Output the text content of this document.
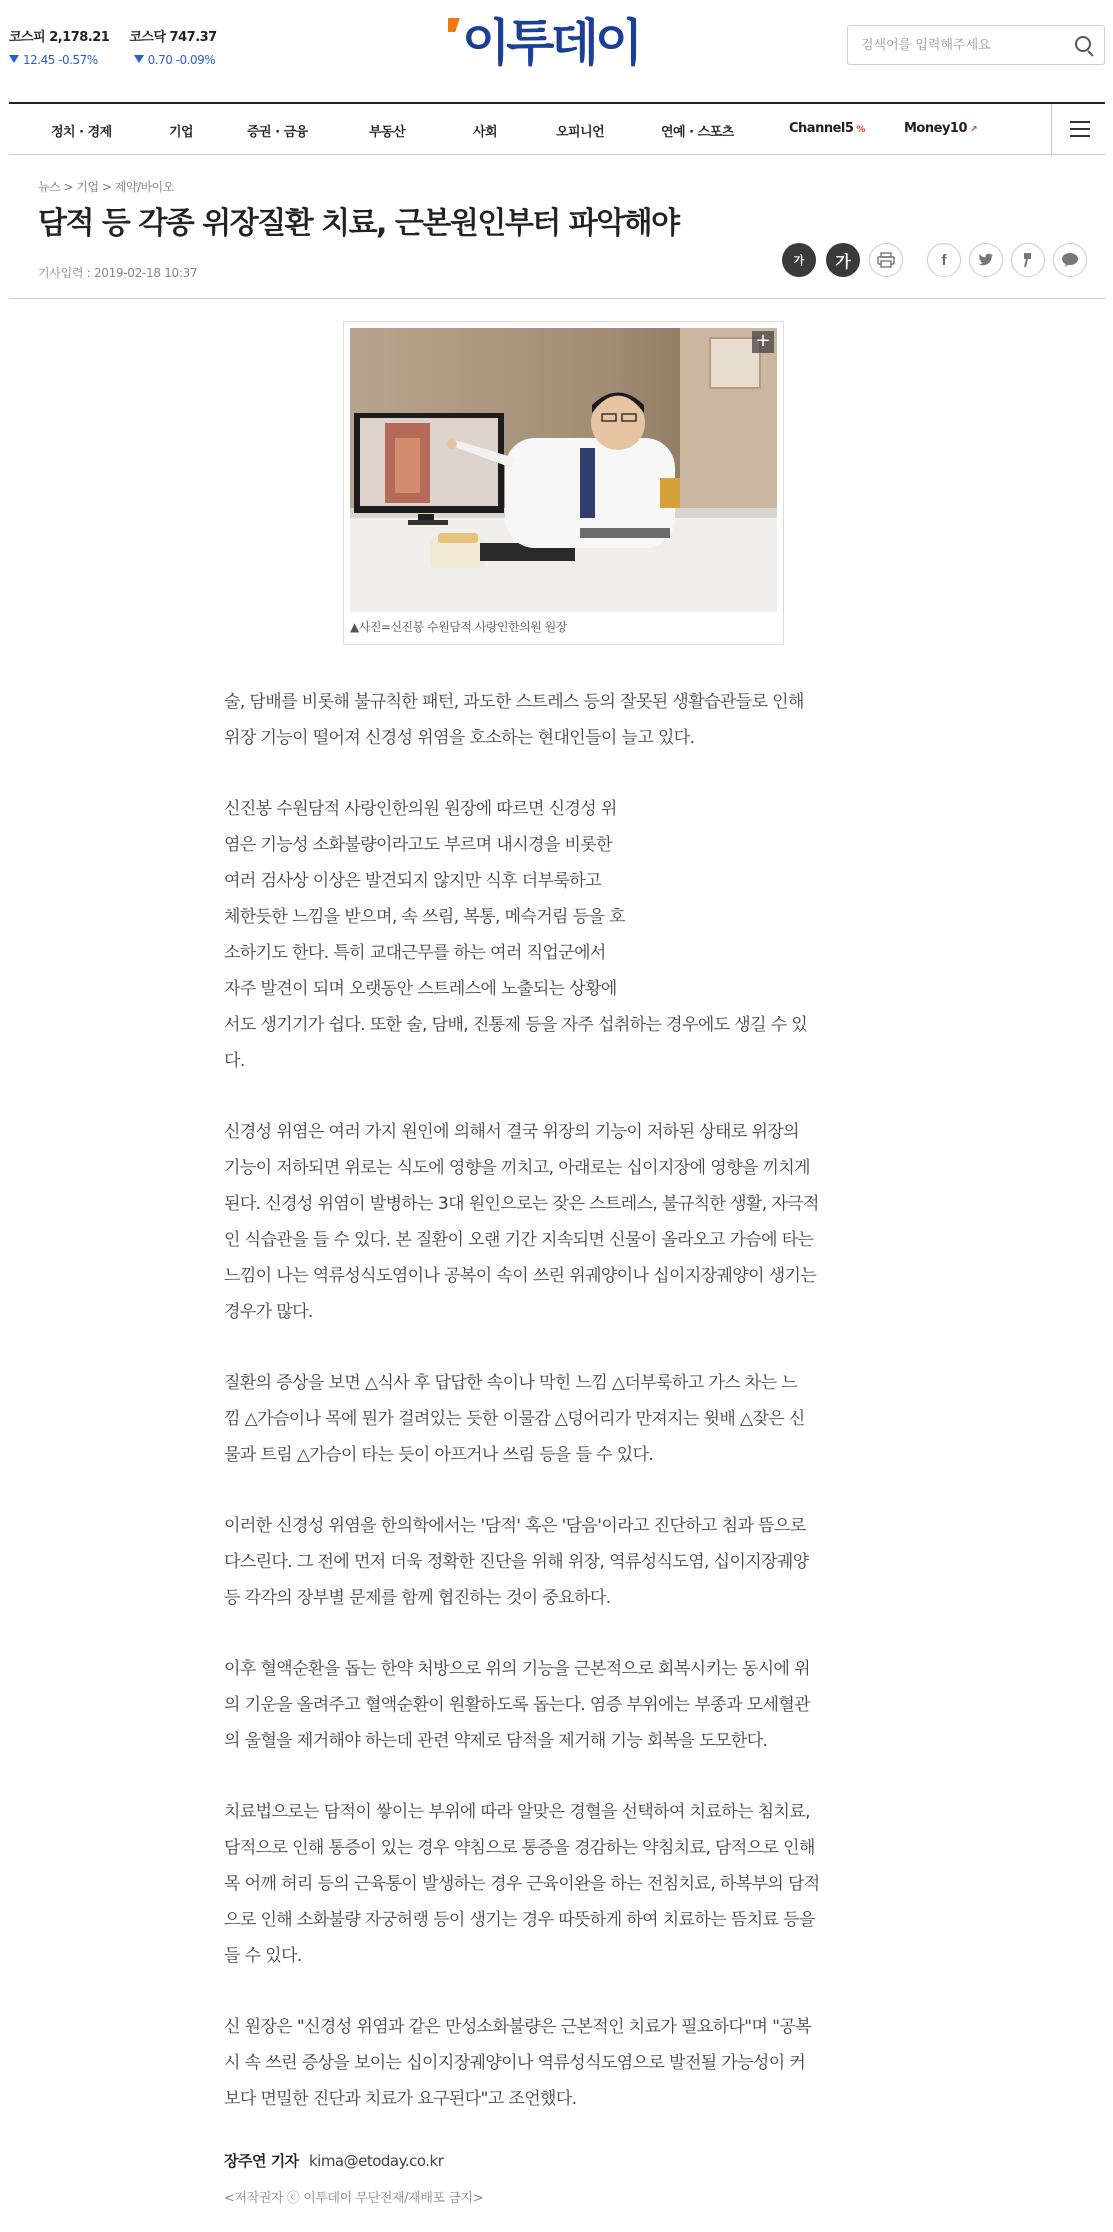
코스피 2,178.21 코스닥 747.37
12.45 -0.57%	0.70 -0.09%	이투데이
검색어를 입력해주세요
정치 · 경제	기업	증권 · 금융	부동산	사회	오피니언	연예 · 스포츠	Channel5 %	Money10 ↗
뉴스 > 기업 > 제약/바이오
담적 등 각종 위장질환 치료, 근본원인부터 파악해야
기사입력 : 2019-02-18 10:37
가	가	f
+
▲사진=신진봉 수원담적 사랑인한의원 원장

술, 담배를 비롯해 불규칙한 패턴, 과도한 스트레스 등의 잘못된 생활습관들로 인해
위장 기능이 떨어져 신경성 위염을 호소하는 현대인들이 늘고 있다.

신진봉 수원담적 사랑인한의원 원장에 따르면 신경성 위
염은 기능성 소화불량이라고도 부르며 내시경을 비롯한
여러 검사상 이상은 발견되지 않지만 식후 더부룩하고
체한듯한 느낌을 받으며, 속 쓰림, 복통, 메슥거림 등을 호
소하기도 한다. 특히 교대근무를 하는 여러 직업군에서
자주 발견이 되며 오랫동안 스트레스에 노출되는 상황에
서도 생기기가 쉽다. 또한 술, 담배, 진통제 등을 자주 섭취하는 경우에도 생길 수 있
다.

신경성 위염은 여러 가지 원인에 의해서 결국 위장의 기능이 저하된 상태로 위장의
기능이 저하되면 위로는 식도에 영향을 끼치고, 아래로는 십이지장에 영향을 끼치게
된다. 신경성 위염이 발병하는 3대 원인으로는 잦은 스트레스, 불규칙한 생활, 자극적
인 식습관을 들 수 있다. 본 질환이 오랜 기간 지속되면 신물이 올라오고 가슴에 타는
느낌이 나는 역류성식도염이나 공복이 속이 쓰린 위궤양이나 십이지장궤양이 생기는
경우가 많다.

질환의 증상을 보면 △식사 후 답답한 속이나 막힌 느낌 △더부룩하고 가스 차는 느
낌 △가슴이나 목에 뭔가 걸려있는 듯한 이물감 △덩어리가 만져지는 윗배 △잦은 신
물과 트림 △가슴이 타는 듯이 아프거나 쓰림 등을 들 수 있다.

이러한 신경성 위염을 한의학에서는 '담적' 혹은 '담음'이라고 진단하고 침과 뜸으로
다스린다. 그 전에 먼저 더욱 정확한 진단을 위해 위장, 역류성식도염, 십이지장궤양
등 각각의 장부별 문제를 함께 협진하는 것이 중요하다.

이후 혈액순환을 돕는 한약 처방으로 위의 기능을 근본적으로 회복시키는 동시에 위
의 기운을 올려주고 혈액순환이 원활하도록 돕는다. 염증 부위에는 부종과 모세혈관
의 울혈을 제거해야 하는데 관련 약제로 담적을 제거해 기능 회복을 도모한다.

치료법으로는 담적이 쌓이는 부위에 따라 알맞은 경혈을 선택하여 치료하는 침치료,
담적으로 인해 통증이 있는 경우 약침으로 통증을 경감하는 약침치료, 담적으로 인해
목 어깨 허리 등의 근육통이 발생하는 경우 근육이완을 하는 전침치료, 하복부의 담적
으로 인해 소화불량 자궁허랭 등이 생기는 경우 따뜻하게 하여 치료하는 뜸치료 등을
들 수 있다.

신 원장은 "신경성 위염과 같은 만성소화불량은 근본적인 치료가 필요하다"며 "공복
시 속 쓰린 증상을 보이는 십이지장궤양이나 역류성식도염으로 발전될 가능성이 커
보다 면밀한 진단과 치료가 요구된다"고 조언했다.

장주연 기자 kima@etoday.co.kr
<저작권자 ⓒ 이투데이 무단전재/재배포 금지>
